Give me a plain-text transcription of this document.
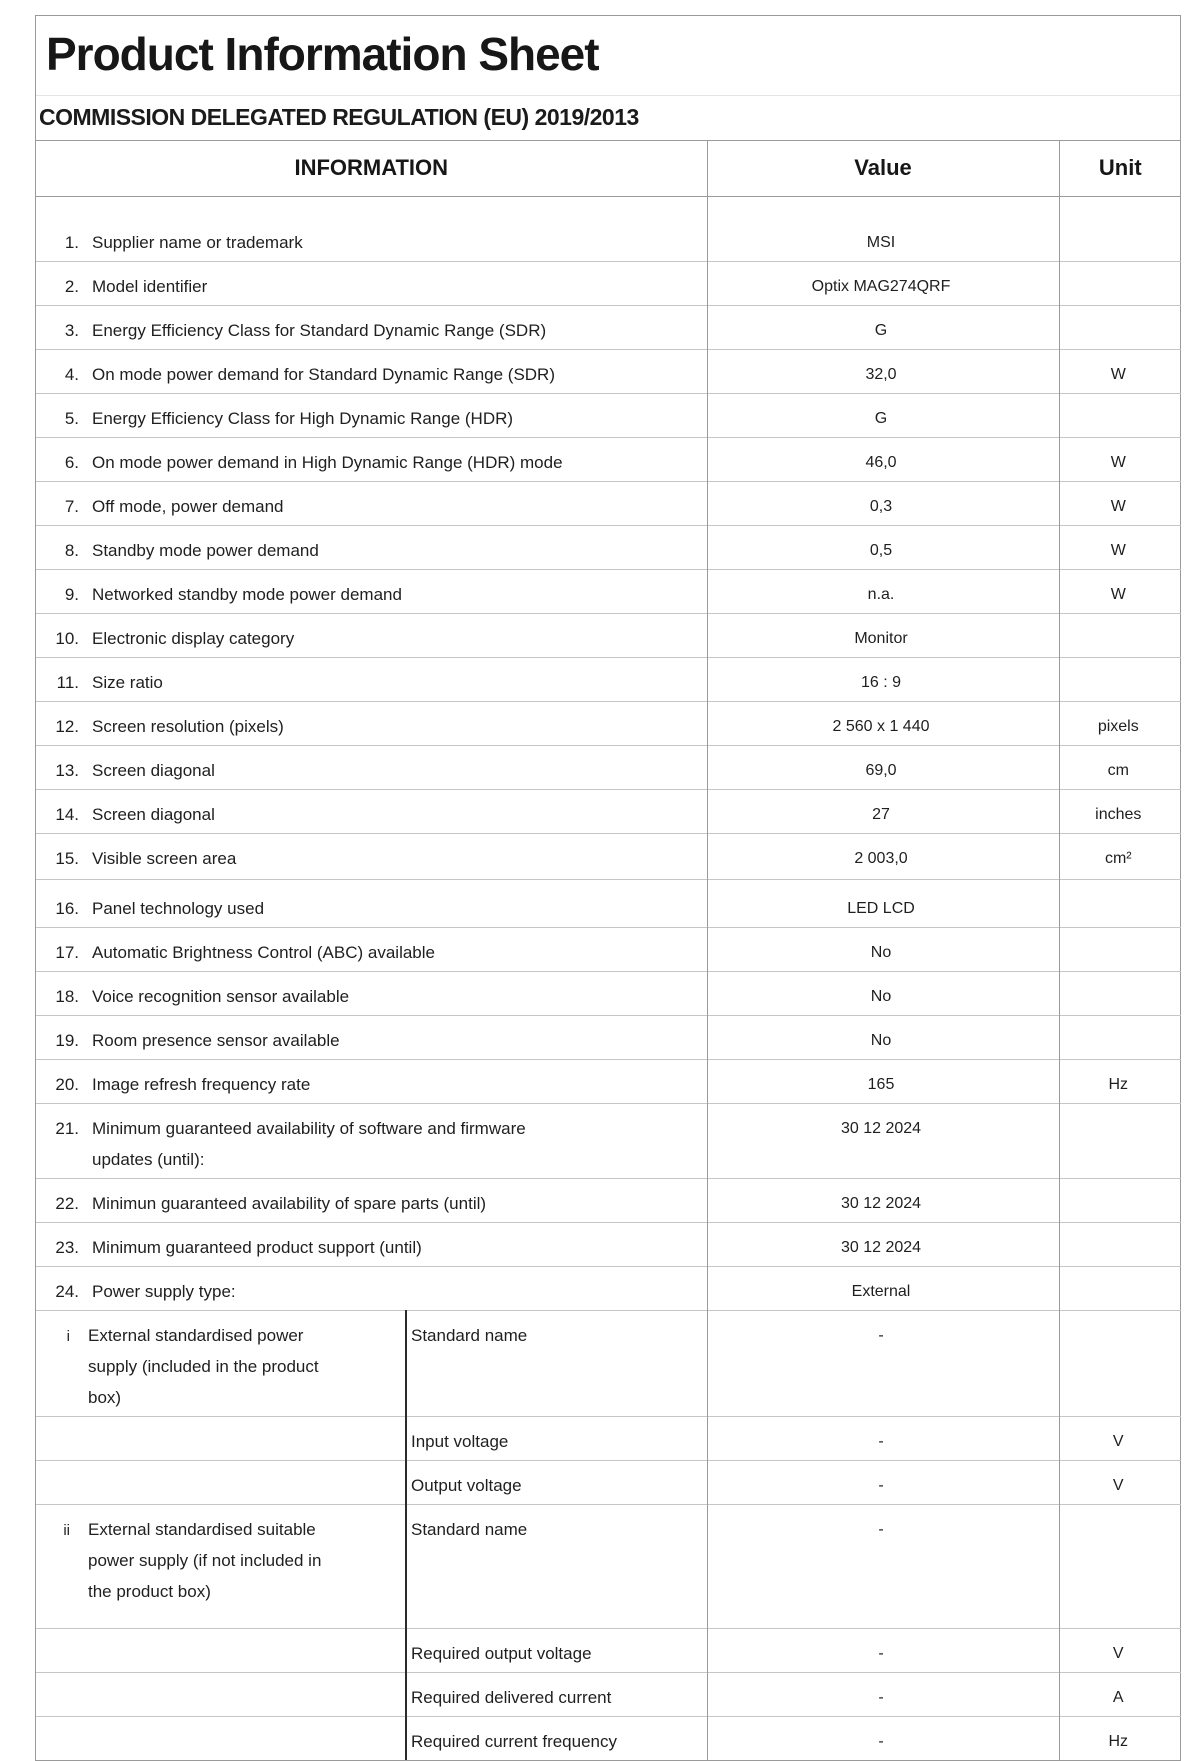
Product Information Sheet
COMMISSION DELEGATED REGULATION (EU) 2019/2013
INFORMATION		Value	Unit
1. Supplier name or trademark		MSI	
2. Model identifier		Optix MAG274QRF	
3. Energy Efficiency Class for Standard Dynamic Range (SDR)		G	
4. On mode power demand for Standard Dynamic Range (SDR)		32,0	W
5. Energy Efficiency Class for High Dynamic Range (HDR)		G	
6. On mode power demand in High Dynamic Range (HDR) mode		46,0	W
7. Off mode, power demand		0,3	W
8. Standby mode power demand		0,5	W
9. Networked standby mode power demand		n.a.	W
10. Electronic display category		Monitor	
11. Size ratio		16 : 9	
12. Screen resolution (pixels)		2 560 x 1 440	pixels
13. Screen diagonal		69,0	cm
14. Screen diagonal		27	inches
15. Visible screen area		2 003,0	cm²
16. Panel technology used		LED LCD	
17. Automatic Brightness Control (ABC) available		No	
18. Voice recognition sensor available		No	
19. Room presence sensor available		No	
20. Image refresh frequency rate		165	Hz
21. Minimum guaranteed availability of software and firmware updates (until):		30 12 2024	
22. Minimun guaranteed availability of spare parts (until)		30 12 2024	
23. Minimum guaranteed product support (until)		30 12 2024	
24. Power supply type:		External	
i External standardised power supply (included in the product box)	Standard name	-	
	Input voltage	-	V
	Output voltage	-	V
ii External standardised suitable power supply (if not included in the product box)	Standard name	-	
	Required output voltage	-	V
	Required delivered current	-	A
	Required current frequency	-	Hz
